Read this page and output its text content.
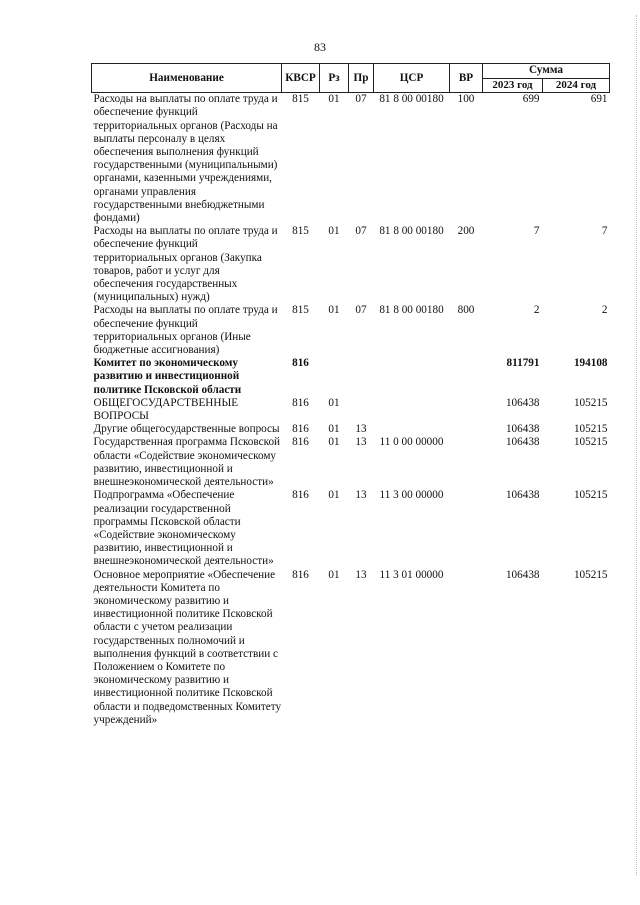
83
Наименование	КВСР	Рз	Пр	ЦСР	ВР	Сумма	
						2023 год	2024 год
Расходы на выплаты по оплате труда и обеспечение функций территориальных органов (Расходы на выплаты персоналу в целях обеспечения выполнения функций государственными (муниципальными) органами, казенными учреждениями, органами управления государственными внебюджетными фондами)	815	01	07	81 8 00 00180	100	699	691
Расходы на выплаты по оплате труда и обеспечение функций территориальных органов (Закупка товаров, работ и услуг для обеспечения государственных (муниципальных) нужд)	815	01	07	81 8 00 00180	200	7	7
Расходы на выплаты по оплате труда и обеспечение функций территориальных органов (Иные бюджетные ассигнования)	815	01	07	81 8 00 00180	800	2	2
Комитет по экономическому развитию и инвестиционной политике Псковской области	816					811791	194108
ОБЩЕГОСУДАРСТВЕННЫЕ ВОПРОСЫ	816	01				106438	105215
Другие общегосударственные вопросы	816	01	13			106438	105215
Государственная программа Псковской области «Содействие экономическому развитию, инвестиционной и внешнеэкономической деятельности»	816	01	13	11 0 00 00000		106438	105215
Подпрограмма «Обеспечение реализации государственной программы Псковской области «Содействие экономическому развитию, инвестиционной и внешнеэкономической деятельности»	816	01	13	11 3 00 00000		106438	105215
Основное мероприятие «Обеспечение деятельности Комитета по экономическому развитию и инвестиционной политике Псковской области с учетом реализации государственных полномочий и выполнения функций в соответствии с Положением о Комитете по экономическому развитию и инвестиционной политике Псковской области и подведомственных Комитету учреждений»	816	01	13	11 3 01 00000		106438	105215
